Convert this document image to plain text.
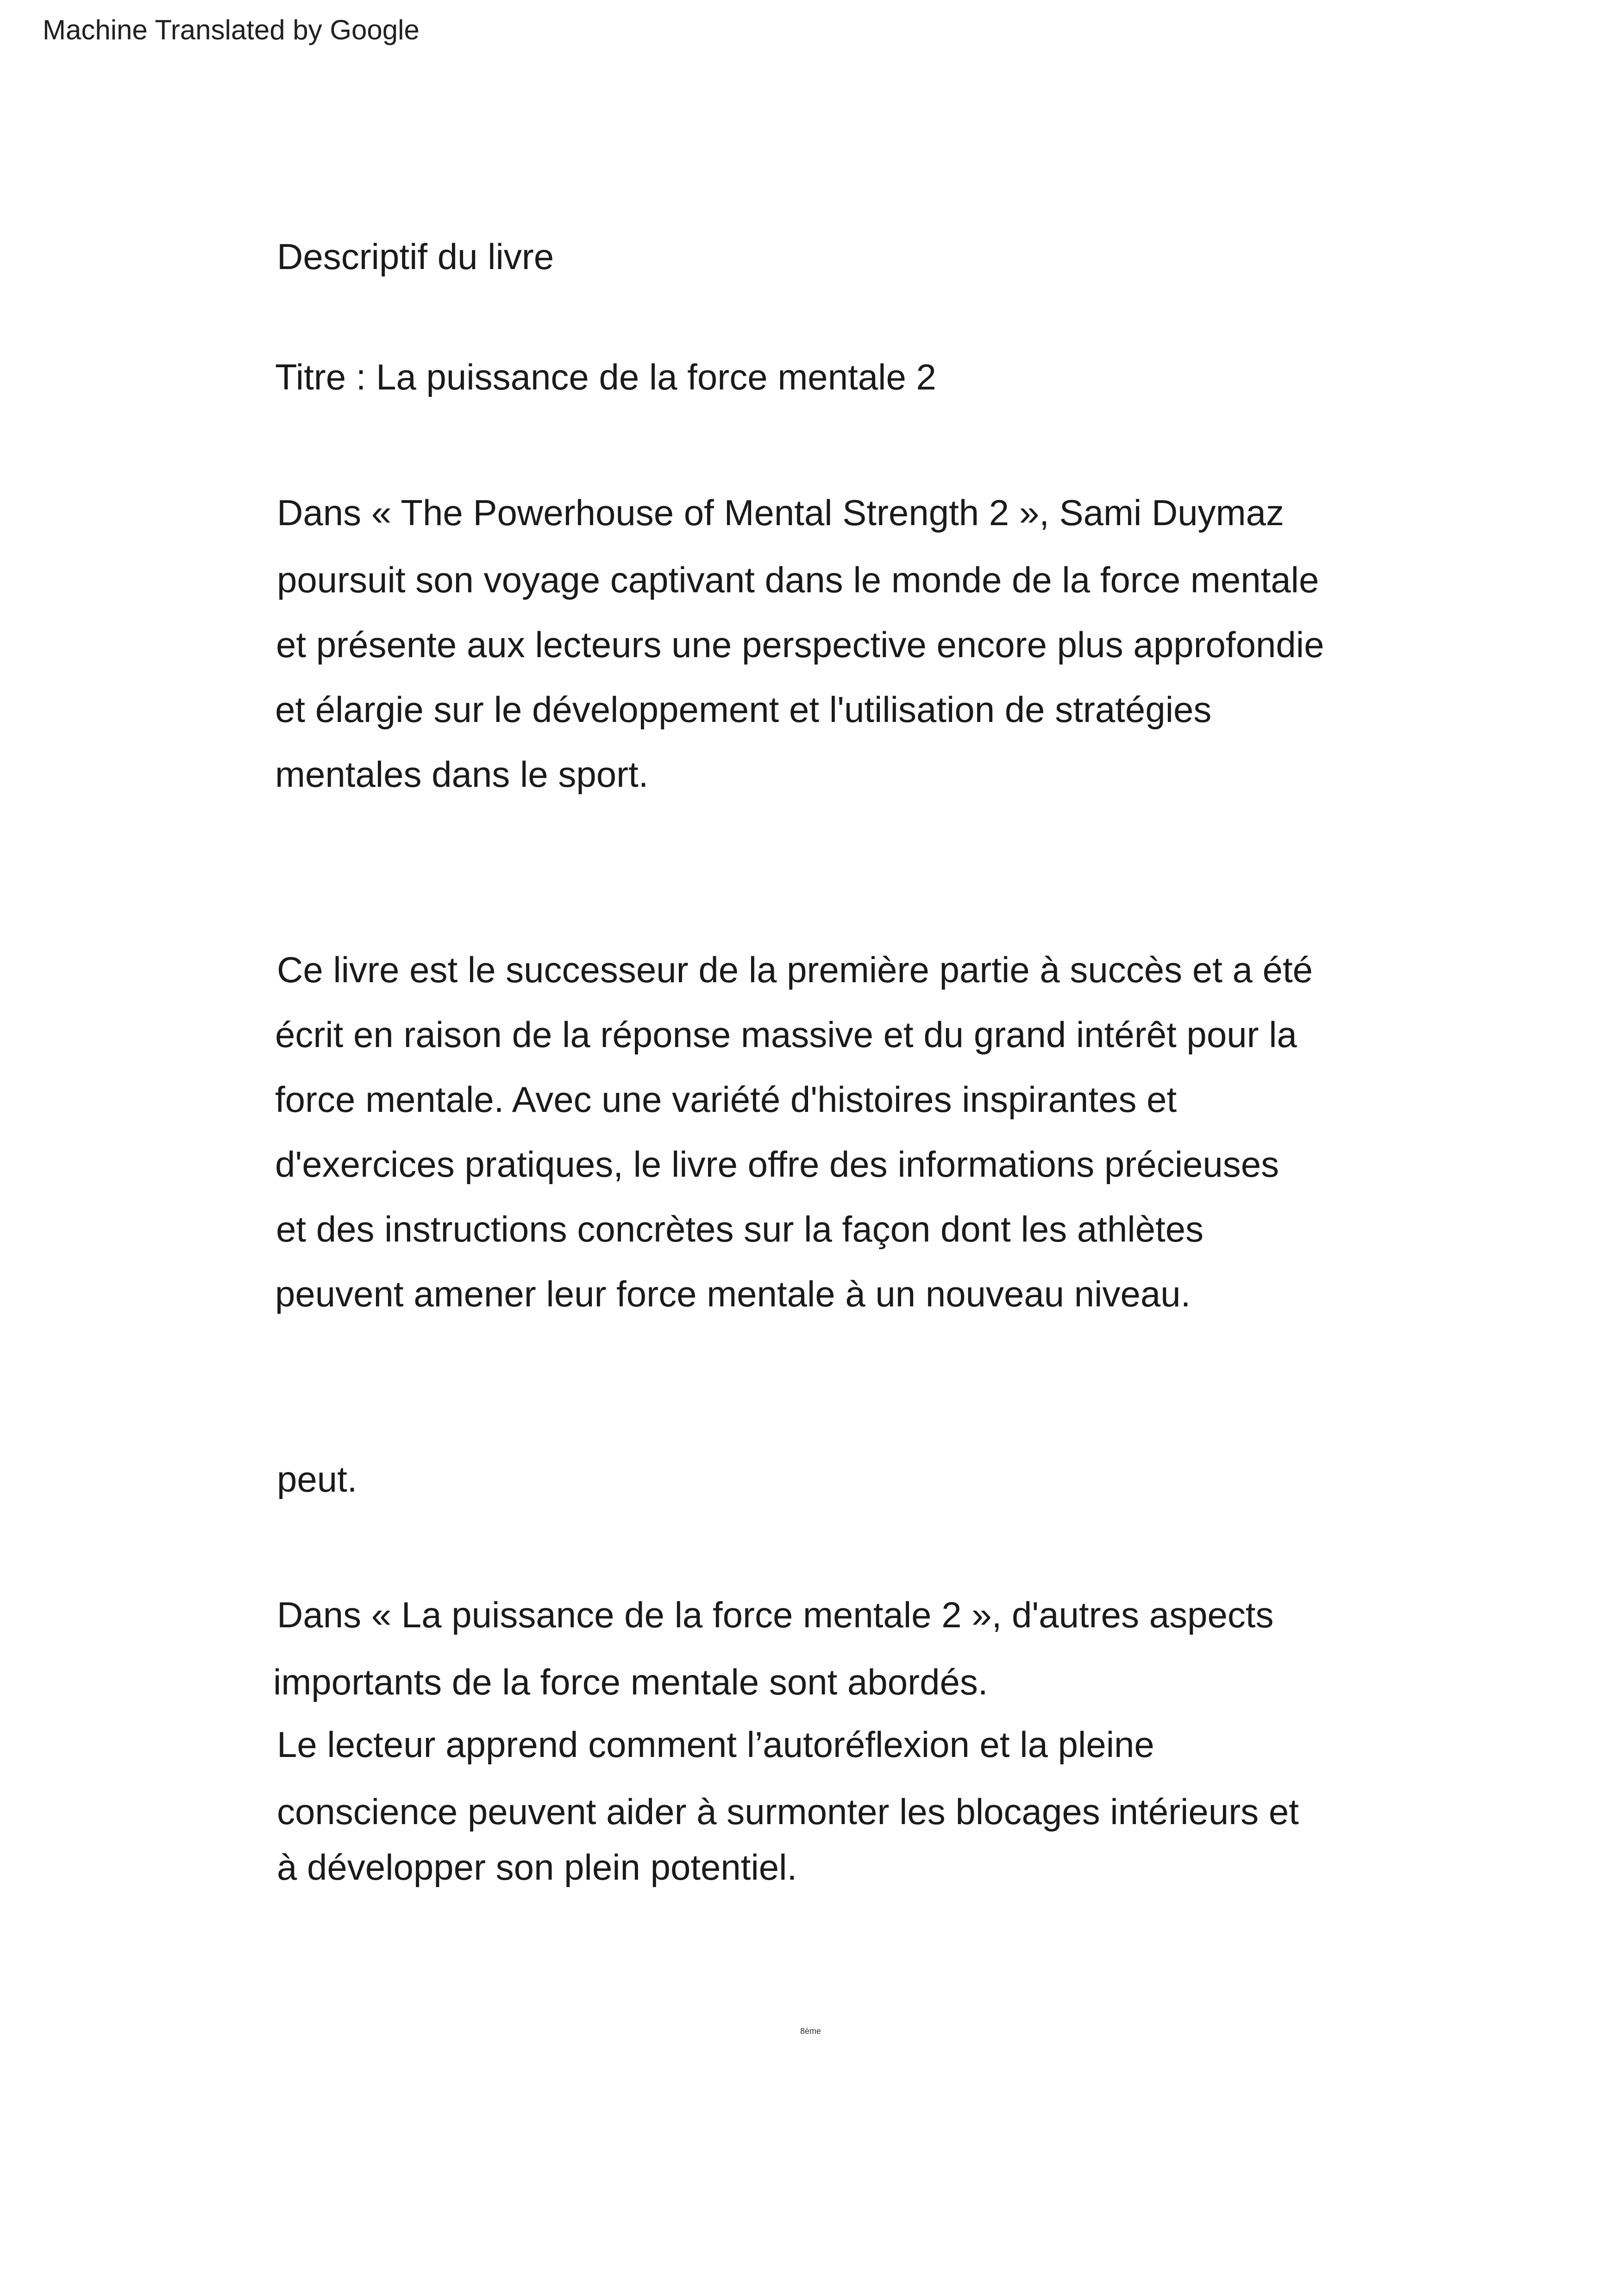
Machine Translated by Google
Descriptif du livre
Titre : La puissance de la force mentale 2
Dans « The Powerhouse of Mental Strength 2 », Sami Duymaz
poursuit son voyage captivant dans le monde de la force mentale
et présente aux lecteurs une perspective encore plus approfondie
et élargie sur le développement et l'utilisation de stratégies
mentales dans le sport.
Ce livre est le successeur de la première partie à succès et a été
écrit en raison de la réponse massive et du grand intérêt pour la
force mentale. Avec une variété d'histoires inspirantes et
d'exercices pratiques, le livre offre des informations précieuses
et des instructions concrètes sur la façon dont les athlètes
peuvent amener leur force mentale à un nouveau niveau.
peut.
Dans « La puissance de la force mentale 2 », d'autres aspects
importants de la force mentale sont abordés.
Le lecteur apprend comment l’autoréflexion et la pleine
conscience peuvent aider à surmonter les blocages intérieurs et
à développer son plein potentiel.
8ème
